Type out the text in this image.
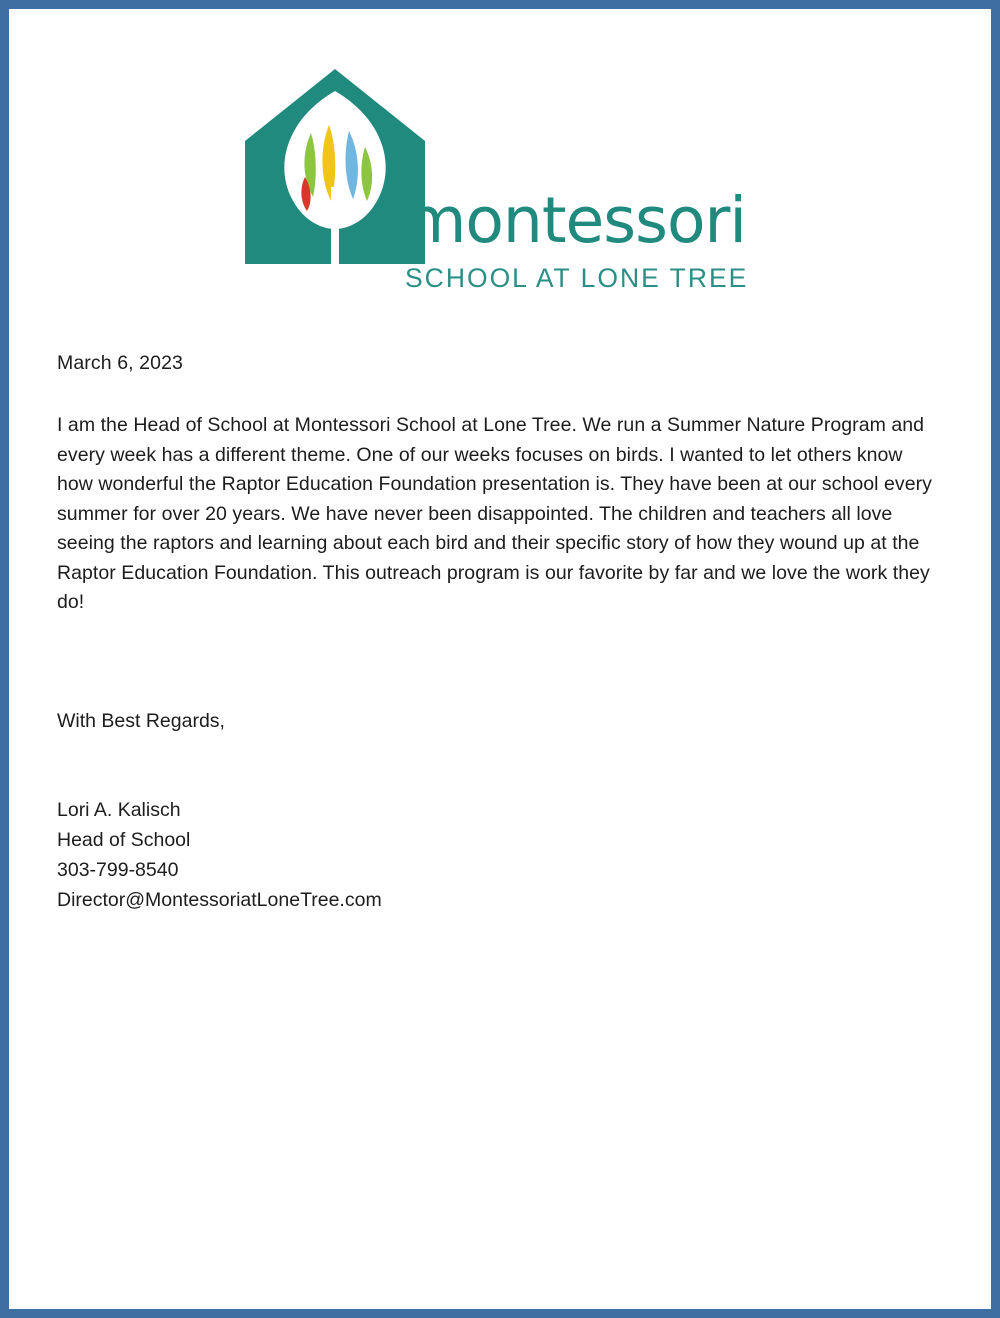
montessori
SCHOOL AT LONE TREE
March 6, 2023
I am the Head of School at Montessori School at Lone Tree. We run a Summer Nature Program and every week has a different theme. One of our weeks focuses on birds. I wanted to let others know how wonderful the Raptor Education Foundation presentation is. They have been at our school every summer for over 20 years. We have never been disappointed. The children and teachers all love seeing the raptors and learning about each bird and their specific story of how they wound up at the Raptor Education Foundation. This outreach program is our favorite by far and we love the work they do!
With Best Regards,
Lori A. Kalisch
Head of School
303-799-8540
Director@MontessoriatLoneTree.com
